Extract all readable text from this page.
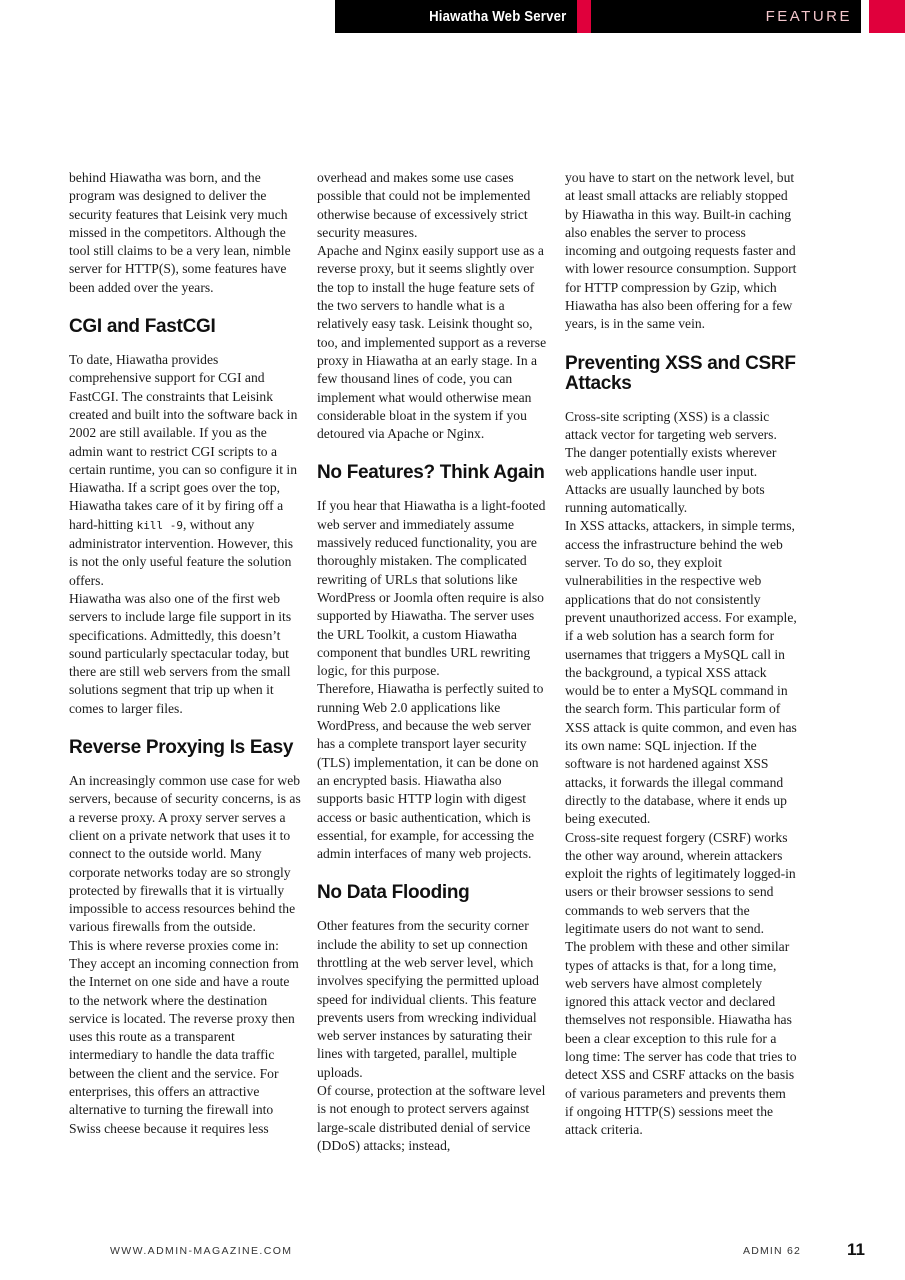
Hiawatha Web Server	FEATURE

behind Hiawatha was born, and the program was designed to deliver the security features that Leisink very much missed in the competitors. Although the tool still claims to be a very lean, nimble server for HTTP(S), some features have been added over the years.

CGI and FastCGI

To date, Hiawatha provides comprehensive support for CGI and FastCGI. The constraints that Leisink created and built into the software back in 2002 are still available. If you as the admin want to restrict CGI scripts to a certain runtime, you can so configure it in Hiawatha. If a script goes over the top, Hiawatha takes care of it by firing off a hard-hitting kill -9, without any administrator intervention. However, this is not the only useful feature the solution offers.

Hiawatha was also one of the first web servers to include large file support in its specifications. Admittedly, this doesn’t sound particularly spectacular today, but there are still web servers from the small solutions segment that trip up when it comes to larger files.

Reverse Proxying Is Easy

An increasingly common use case for web servers, because of security concerns, is as a reverse proxy. A proxy server serves a client on a private network that uses it to connect to the outside world. Many corporate networks today are so strongly protected by firewalls that it is virtually impossible to access resources behind the various firewalls from the outside.

This is where reverse proxies come in: They accept an incoming connection from the Internet on one side and have a route to the network where the destination service is located. The reverse proxy then uses this route as a transparent intermediary to handle the data traffic between the client and the service. For enterprises, this offers an attractive alternative to turning the firewall into Swiss cheese because it requires less

overhead and makes some use cases possible that could not be implemented otherwise because of excessively strict security measures.

Apache and Nginx easily support use as a reverse proxy, but it seems slightly over the top to install the huge feature sets of the two servers to handle what is a relatively easy task. Leisink thought so, too, and implemented support as a reverse proxy in Hiawatha at an early stage. In a few thousand lines of code, you can implement what would otherwise mean considerable bloat in the system if you detoured via Apache or Nginx.

No Features? Think Again

If you hear that Hiawatha is a light-footed web server and immediately assume massively reduced functionality, you are thoroughly mistaken. The complicated rewriting of URLs that solutions like WordPress or Joomla often require is also supported by Hiawatha. The server uses the URL Toolkit, a custom Hiawatha component that bundles URL rewriting logic, for this purpose.

Therefore, Hiawatha is perfectly suited to running Web 2.0 applications like WordPress, and because the web server has a complete transport layer security (TLS) implementation, it can be done on an encrypted basis. Hiawatha also supports basic HTTP login with digest access or basic authentication, which is essential, for example, for accessing the admin interfaces of many web projects.

No Data Flooding

Other features from the security corner include the ability to set up connection throttling at the web server level, which involves specifying the permitted upload speed for individual clients. This feature prevents users from wrecking individual web server instances by saturating their lines with targeted, parallel, multiple uploads.

Of course, protection at the software level is not enough to protect servers against large-scale distributed denial of service (DDoS) attacks; instead,

you have to start on the network level, but at least small attacks are reliably stopped by Hiawatha in this way. Built-in caching also enables the server to process incoming and outgoing requests faster and with lower resource consumption. Support for HTTP compression by Gzip, which Hiawatha has also been offering for a few years, is in the same vein.

Preventing XSS and CSRF Attacks

Cross-site scripting (XSS) is a classic attack vector for targeting web servers. The danger potentially exists wherever web applications handle user input. Attacks are usually launched by bots running automatically.

In XSS attacks, attackers, in simple terms, access the infrastructure behind the web server. To do so, they exploit vulnerabilities in the respective web applications that do not consistently prevent unauthorized access. For example, if a web solution has a search form for usernames that triggers a MySQL call in the background, a typical XSS attack would be to enter a MySQL command in the search form. This particular form of XSS attack is quite common, and even has its own name: SQL injection. If the software is not hardened against XSS attacks, it forwards the illegal command directly to the database, where it ends up being executed.

Cross-site request forgery (CSRF) works the other way around, wherein attackers exploit the rights of legitimately logged-in users or their browser sessions to send commands to web servers that the legitimate users do not want to send.

The problem with these and other similar types of attacks is that, for a long time, web servers have almost completely ignored this attack vector and declared themselves not responsible. Hiawatha has been a clear exception to this rule for a long time: The server has code that tries to detect XSS and CSRF attacks on the basis of various parameters and prevents them if ongoing HTTP(S) sessions meet the attack criteria.

WWW.ADMIN-MAGAZINE.COM	ADMIN 62	11
